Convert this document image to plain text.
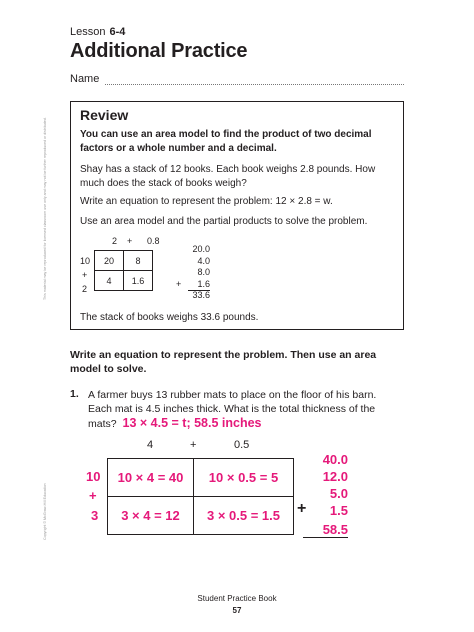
This material may be reproduced for licensed classroom use only and may not be further reproduced or distributed.
Copyright © McGraw-Hill Education
Lesson 6-4
Additional Practice
Name
Review
You can use an area model to find the product of two decimal factors or a whole number and a decimal.
Shay has a stack of 12 books. Each book weighs 2.8 pounds. How much does the stack of books weigh?
Write an equation to represent the problem: 12 × 2.8 = w.
Use an area model and the partial products to solve the problem.
2 + 0.8
10
+
2
20	8
4	1.6
20.0
4.0
8.0
1.6
33.6
+
The stack of books weighs 33.6 pounds.
Write an equation to represent the problem. Then use an area model to solve.
1. A farmer buys 13 rubber mats to place on the floor of his barn. Each mat is 4.5 inches thick. What is the total thickness of the mats? 13 × 4.5 = t; 58.5 inches
4	+	0.5
10
+
3
10 × 4 = 40	10 × 0.5 = 5
3 × 4 = 12	3 × 0.5 = 1.5
40.0
12.0
5.0
1.5
58.5
+
Student Practice Book
57
